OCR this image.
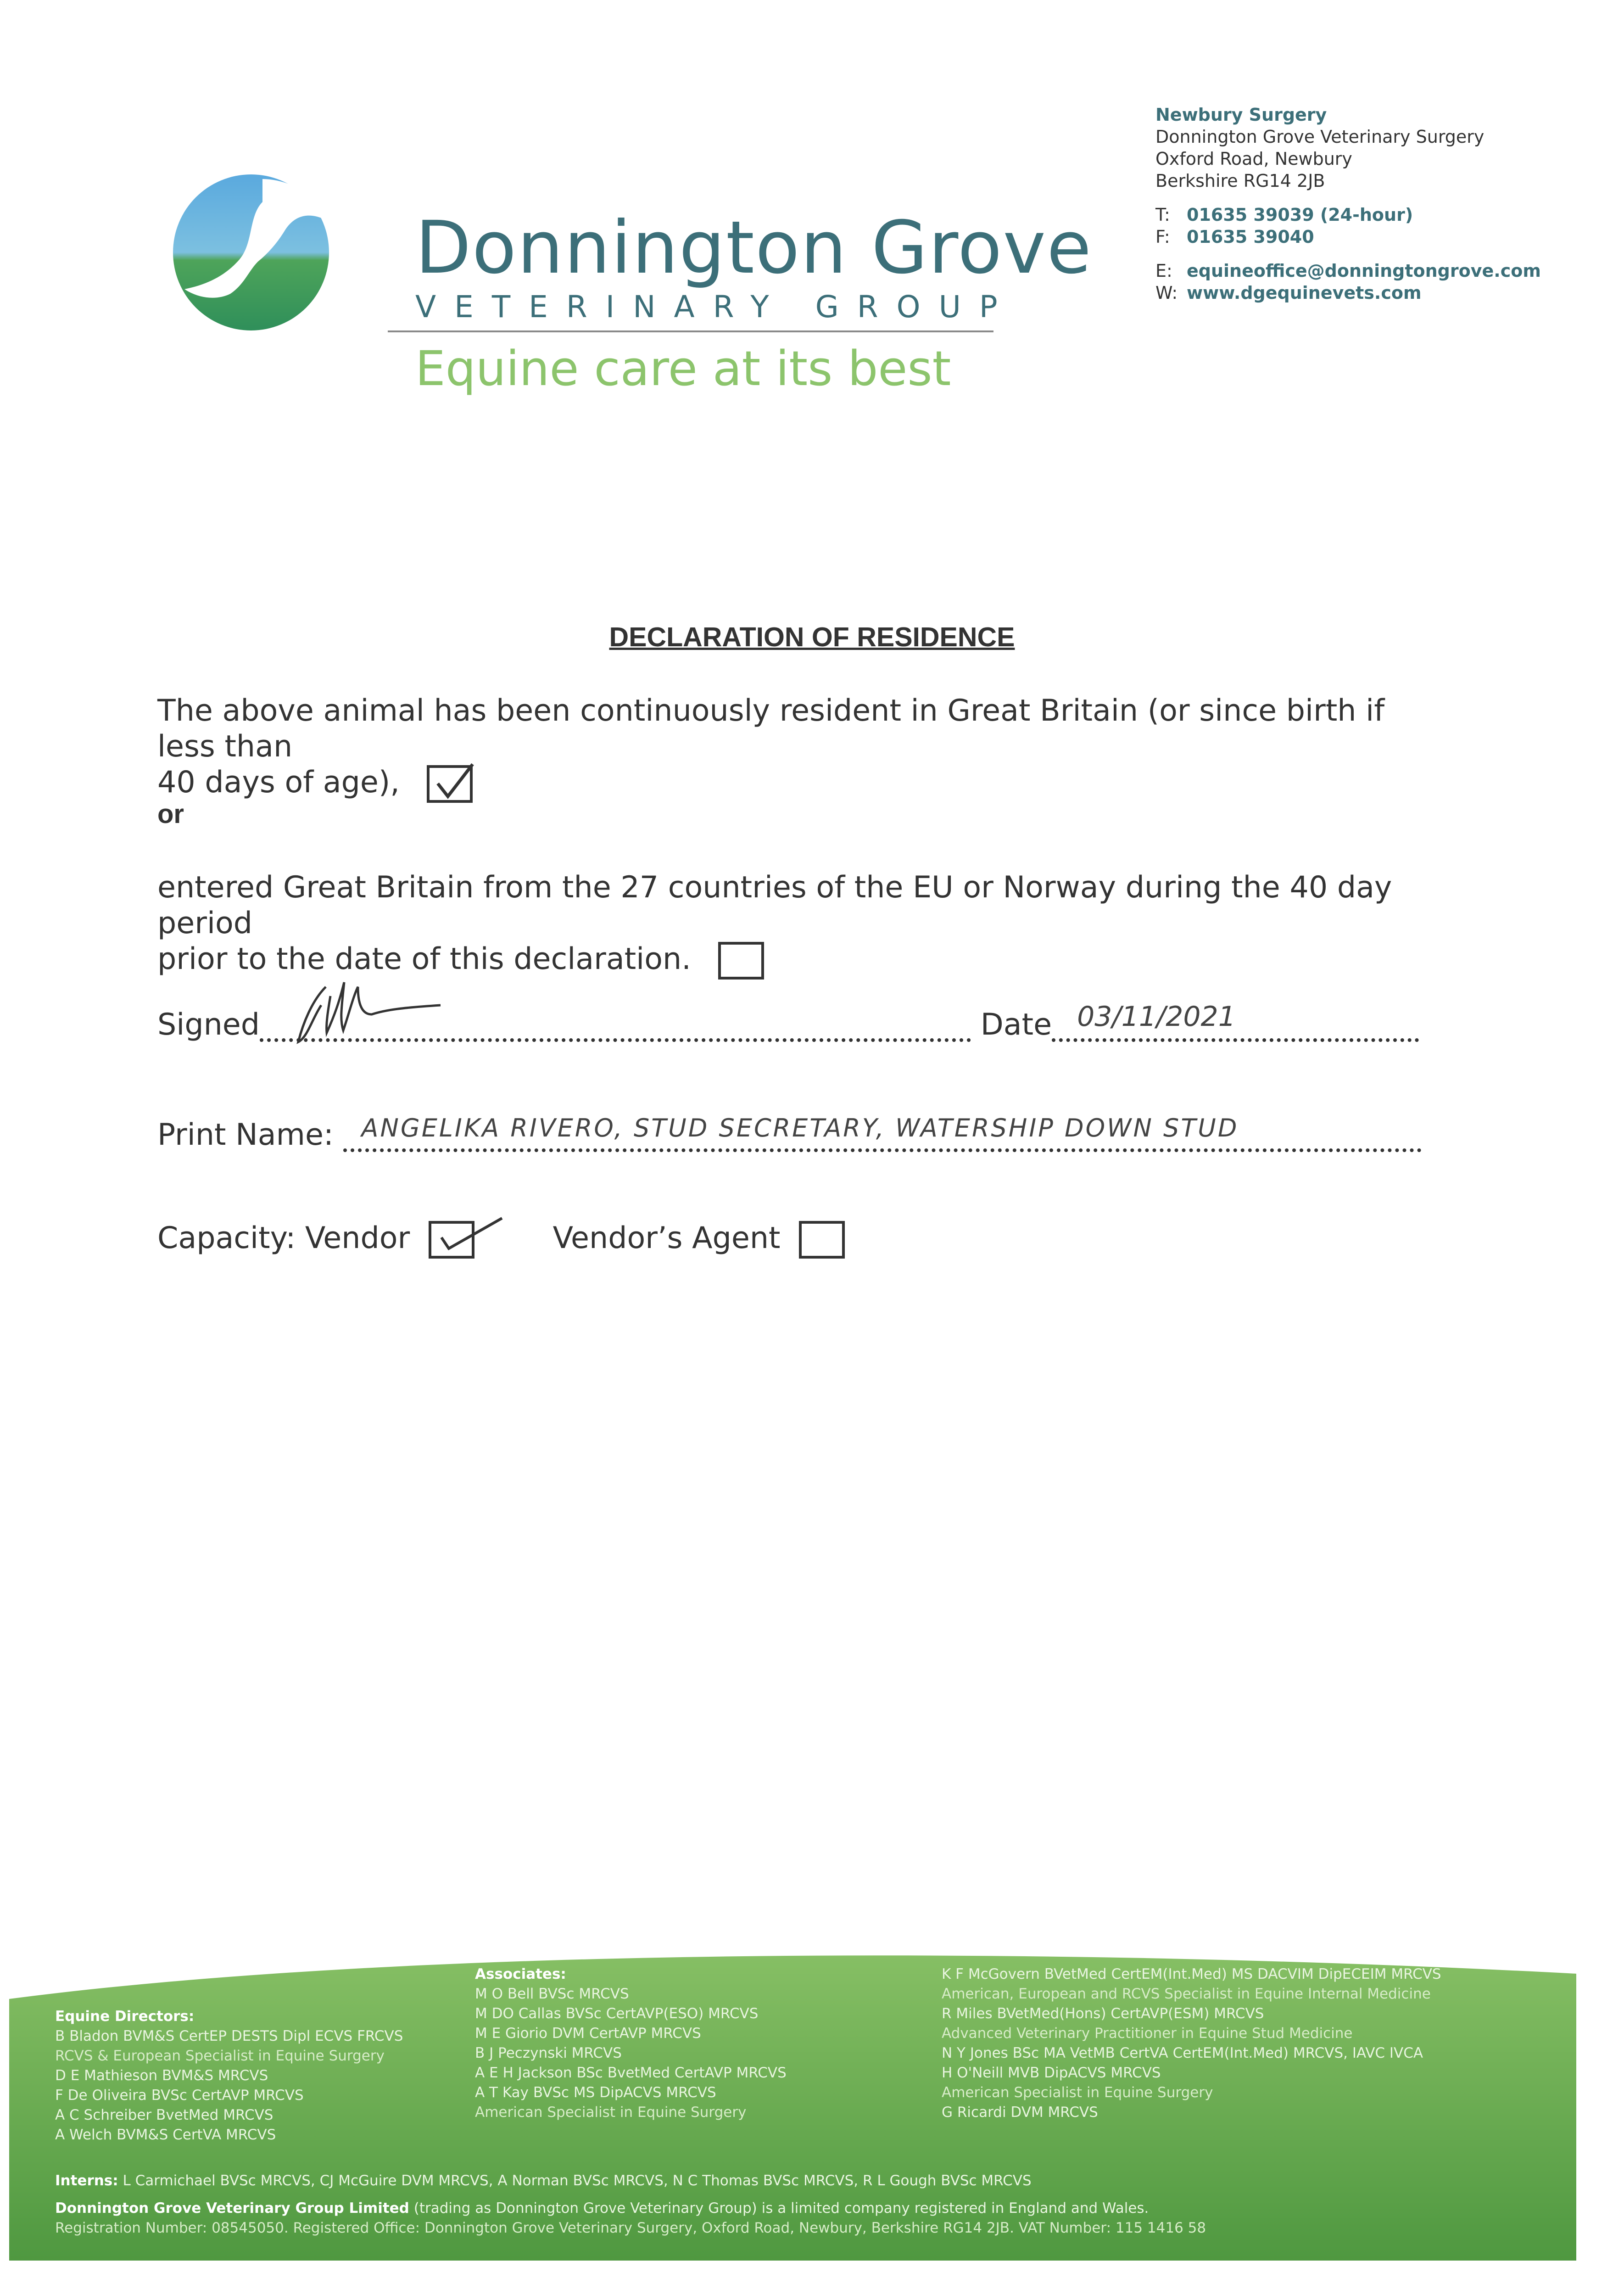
Donnington Grove
VETERINARY GROUP
Equine care at its best
Newbury Surgery
Donnington Grove Veterinary Surgery
Oxford Road, Newbury
Berkshire RG14 2JB
T: 01635 39039 (24-hour)
F: 01635 39040
E: equineoffice@donningtongrove.com
W: www.dgequinevets.com
DECLARATION OF RESIDENCE
The above animal has been continuously resident in Great Britain (or since birth if less than
40 days of age),
or
entered Great Britain from the 27 countries of the EU or Norway during the 40 day period
prior to the date of this declaration.
Signed	Date 03/11/2021
Print Name: ANGELIKA RIVERO, STUD SECRETARY, WATERSHIP DOWN STUD
Capacity: Vendor	Vendor’s Agent
Equine Directors:
B Bladon BVM&S CertEP DESTS Dipl ECVS FRCVS
RCVS & European Specialist in Equine Surgery
D E Mathieson BVM&S MRCVS
F De Oliveira BVSc CertAVP MRCVS
A C Schreiber BvetMed MRCVS
A Welch BVM&S CertVA MRCVS
Associates:
M O Bell BVSc MRCVS
M DO Callas BVSc CertAVP(ESO) MRCVS
M E Giorio DVM CertAVP MRCVS
B J Peczynski MRCVS
A E H Jackson BSc BvetMed CertAVP MRCVS
A T Kay BVSc MS DipACVS MRCVS
American Specialist in Equine Surgery
K F McGovern BVetMed CertEM(Int.Med) MS DACVIM DipECEIM MRCVS
American, European and RCVS Specialist in Equine Internal Medicine
R Miles BVetMed(Hons) CertAVP(ESM) MRCVS
Advanced Veterinary Practitioner in Equine Stud Medicine
N Y Jones BSc MA VetMB CertVA CertEM(Int.Med) MRCVS, IAVC IVCA
H O'Neill MVB DipACVS MRCVS
American Specialist in Equine Surgery
G Ricardi DVM MRCVS
Interns: L Carmichael BVSc MRCVS, CJ McGuire DVM MRCVS, A Norman BVSc MRCVS, N C Thomas BVSc MRCVS, R L Gough BVSc MRCVS
Donnington Grove Veterinary Group Limited (trading as Donnington Grove Veterinary Group) is a limited company registered in England and Wales.
Registration Number: 08545050. Registered Office: Donnington Grove Veterinary Surgery, Oxford Road, Newbury, Berkshire RG14 2JB. VAT Number: 115 1416 58
